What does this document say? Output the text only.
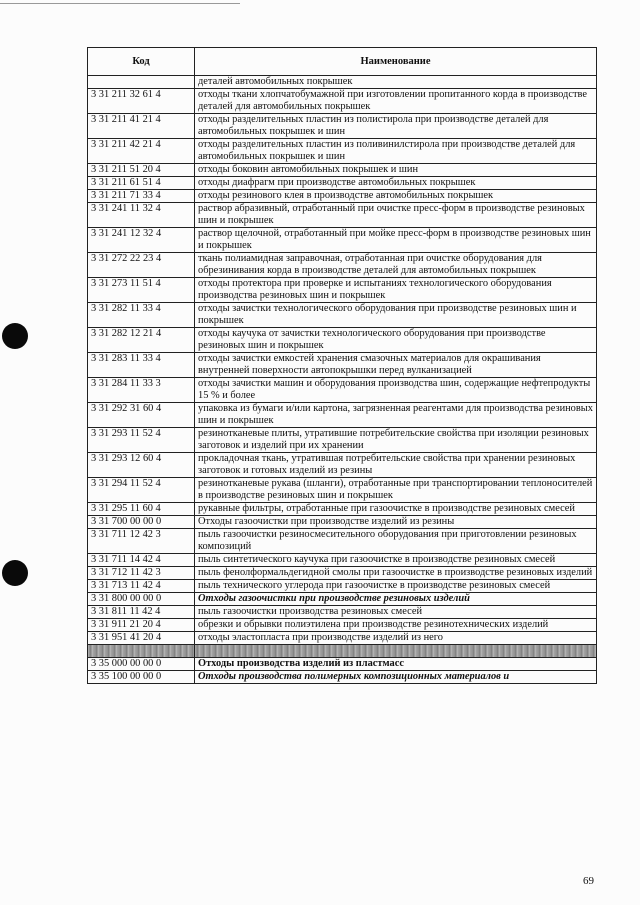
Код	Наименование
	деталей автомобильных покрышек
3 31 211 32 61 4	отходы ткани хлопчатобумажной при изготовлении пропитанного корда в производстве деталей для автомобильных покрышек
3 31 211 41 21 4	отходы разделительных пластин из полистирола при производстве деталей для автомобильных покрышек и шин
3 31 211 42 21 4	отходы разделительных пластин из поливинилстирола при производстве деталей для автомобильных покрышек и шин
3 31 211 51 20 4	отходы боковин автомобильных покрышек и шин
3 31 211 61 51 4	отходы диафрагм при производстве автомобильных покрышек
3 31 211 71 33 4	отходы резинового клея в производстве автомобильных покрышек
3 31 241 11 32 4	раствор абразивный, отработанный при очистке пресс-форм в производстве резиновых шин и покрышек
3 31 241 12 32 4	раствор щелочной, отработанный при мойке пресс-форм в производстве резиновых шин и покрышек
3 31 272 22 23 4	ткань полиамидная заправочная, отработанная при очистке оборудования для обрезинивания корда в производстве деталей для автомобильных покрышек
3 31 273 11 51 4	отходы протектора при проверке и испытаниях технологического оборудования производства резиновых шин и покрышек
3 31 282 11 33 4	отходы зачистки технологического оборудования при производстве резиновых шин и покрышек
3 31 282 12 21 4	отходы каучука от зачистки технологического оборудования при производстве резиновых шин и покрышек
3 31 283 11 33 4	отходы зачистки емкостей хранения смазочных материалов для окрашивания внутренней поверхности автопокрышки перед вулканизацией
3 31 284 11 33 3	отходы зачистки машин и оборудования производства шин, содержащие нефтепродукты 15 % и более
3 31 292 31 60 4	упаковка из бумаги и/или картона, загрязненная реагентами для производства резиновых шин и покрышек
3 31 293 11 52 4	резинотканевые плиты, утратившие потребительские свойства при изоляции резиновых заготовок и изделий при их хранении
3 31 293 12 60 4	прокладочная ткань, утратившая потребительские свойства при хранении резиновых заготовок и готовых изделий из резины
3 31 294 11 52 4	резинотканевые рукава (шланги), отработанные при транспортировании теплоносителей в производстве резиновых шин и покрышек
3 31 295 11 60 4	рукавные фильтры, отработанные при газоочистке в производстве резиновых смесей
3 31 700 00 00 0	Отходы газоочистки при производстве изделий из резины
3 31 711 12 42 3	пыль газоочистки резиносмесительного оборудования при приготовлении резиновых композиций
3 31 711 14 42 4	пыль синтетического каучука при газоочистке в производстве резиновых смесей
3 31 712 11 42 3	пыль фенолформальдегидной смолы при газоочистке в производстве резиновых изделий
3 31 713 11 42 4	пыль технического углерода при газоочистке в производстве резиновых смесей
3 31 800 00 00 0	Отходы газоочистки при производстве резиновых изделий
3 31 811 11 42 4	пыль газоочистки производства резиновых смесей
3 31 911 21 20 4	обрезки и обрывки полиэтилена при производстве резинотехнических изделий
3 31 951 41 20 4	отходы эластопласта при производстве изделий из него

3 35 000 00 00 0	Отходы производства изделий из пластмасс
3 35 100 00 00 0	Отходы производства полимерных композиционных материалов и
69
